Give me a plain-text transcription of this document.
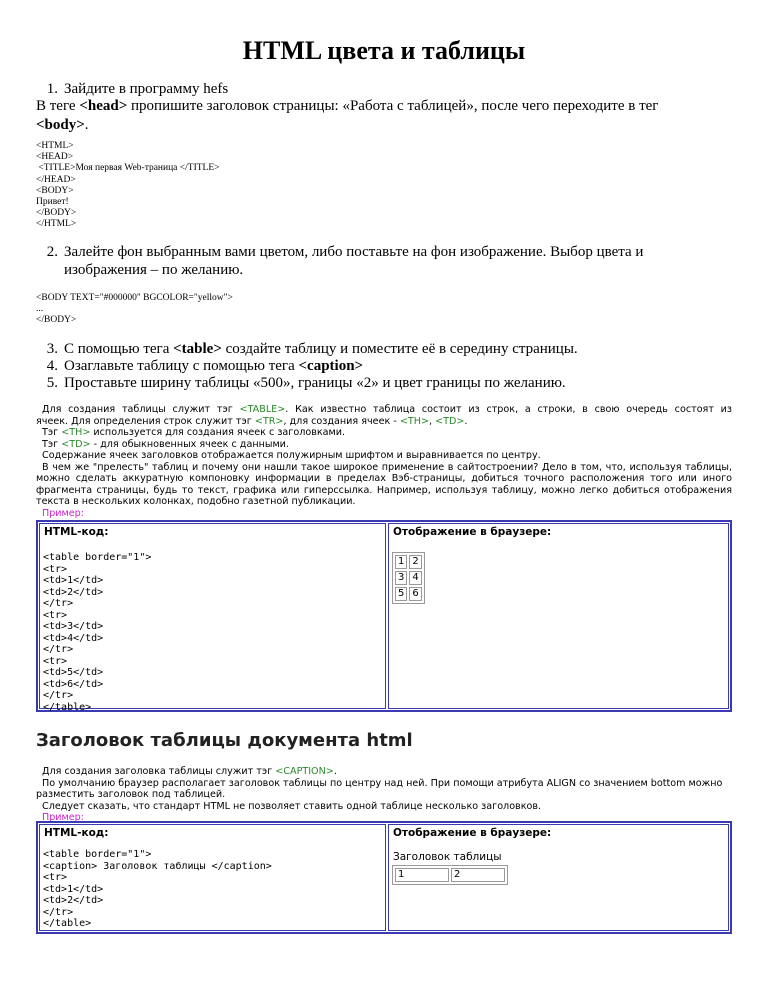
HTML цвета и таблицы
1. Зайдите в программу hefs
В теге <head> пропишите заголовок страницы: «Работа с таблицей», после чего переходите в тег
<body>.
<HTML>
<HEAD>
<TITLE>Моя первая Web-траница </TITLE>
</HEAD>
<BODY>
Привет!
</BODY>
</HTML>
2. Залейте фон выбранным вами цветом, либо поставьте на фон изображение. Выбор цвета и
изображения – по желанию.
<BODY TEXT="#000000" BGCOLOR="yellow">
...
</BODY>
3. С помощью тега <table> создайте таблицу и поместите её в середину страницы.
4. Озаглавьте таблицу с помощью тега <caption>
5. Проставьте ширину таблицы «500», границы «2» и цвет границы по желанию.

Для создания таблицы служит тэг <TABLE>. Как известно таблица состоит из строк, а строки, в свою очередь состоят из

ячеек. Для определения строк служит тэг <TR>, для создания ячеек - <TH>, <TD>.

Тэг <TH> используется для создания ячеек с заголовками.

Тэг <TD> - для обыкновенных ячеек с данными.

Содержание ячеек заголовков отображается полужирным шрифтом и выравнивается по центру.

В чем же "прелесть" таблиц и почему они нашли такое широкое применение в сайтостроении? Дело в том, что, используя таблицы, можно сделать аккуратную компоновку информации в пределах Вэб-страницы, добиться точного расположения того или иного фрагмента страницы, будь то текст, графика или гиперссылка. Например, используя таблицу, можно легко добиться отображения текста в нескольких колонках, подобно газетной публикации.

Пример:

HTML-код:
<table border="1">
<tr>
<td>1</td>
<td>2</td>
</tr>
<tr>
<td>3</td>
<td>4</td>
</tr>
<tr>
<td>5</td>
<td>6</td>
</tr>
</table>
Отображение в браузере:
1	2
3	4
5	6
Заголовок таблицы документа html

Для создания заголовка таблицы служит тэг <CAPTION>.

По умолчанию браузер располагает заголовок таблицы по центру над ней. При помощи атрибута ALIGN со значением bottom можно разместить заголовок под таблицей.

Следует сказать, что стандарт HTML не позволяет ставить одной таблице несколько заголовков.

Пример:

HTML-код:
<table border="1">
<caption> Заголовок таблицы </caption>
<tr>
<td>1</td>
<td>2</td>
</tr>
</table>
Отображение в браузере:
Заголовок таблицы
1	2
